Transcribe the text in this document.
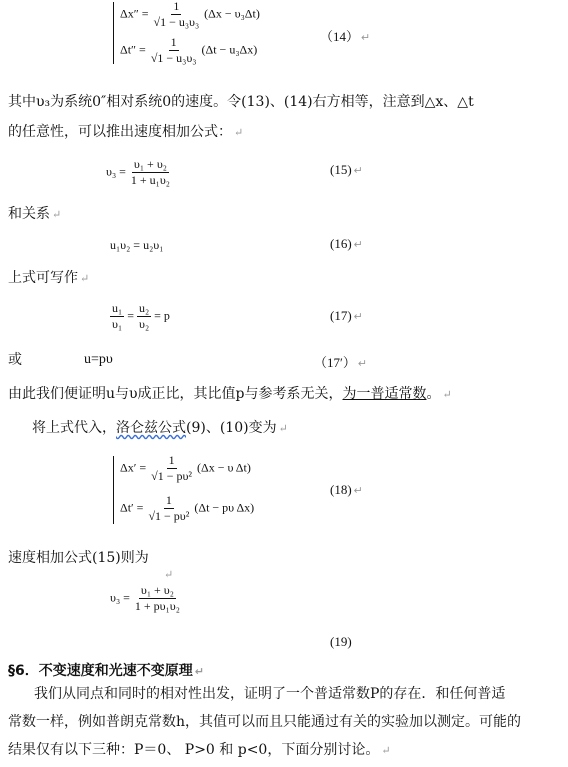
$\Delta x'' = \frac{1}{\text{√1 − u₃υ₃}} (\Delta x - \upsilon_3\Delta t)$
$\Delta t'' = \frac{1}{\text{√1 − u₃υ₃}} (\Delta t - u_3\Delta x)$
（14） ↵
其中υ₃为系统0″相对系统0的速度。令(13)、(14)右方相等，注意到△x、△t
的任意性，可以推出速度相加公式： ↵
$\upsilon_3 = \frac{\text{υ₁ + υ₂}}{\text{1 + u₁υ₂}}$	(15) ↵
和关系 ↵
u₁υ₂ = u₂υ₁	(16) ↵
上式可写作 ↵
$\frac{\text{u₁}}{\text{υ₁}} = \frac{\text{u₂}}{\text{υ₂}} = p$	(17) ↵
或	u=pυ	（17′） ↵
由此我们便证明u与υ成正比，其比值p与参考系无关，为一普适常数。 ↵
将上式代入，洛仑兹公式(9)、(10)变为 ↵
$\Delta x' = \frac{1}{\text{√1 − pυ²}} (\Delta x - \upsilon$ Δt)
$\Delta t' = \frac{1}{\text{√1 − pυ²}} (\Delta t - p\upsilon$ Δx)
(18) ↵
速度相加公式(15)则为
↵
$\upsilon_3 = \frac{\text{υ₁ + υ₂}}{\text{1 + pυ₁υ₂}}$
(19)
§6．不变速度和光速不变原理 ↵
我们从同点和同时的相对性出发，证明了一个普适常数P的存在．和任何普适
常数一样，例如普朗克常数h，其值可以而且只能通过有关的实验加以测定。可能的
结果仅有以下三种：P＝0、 P>0 和 p<0，下面分别讨论。 ↵
